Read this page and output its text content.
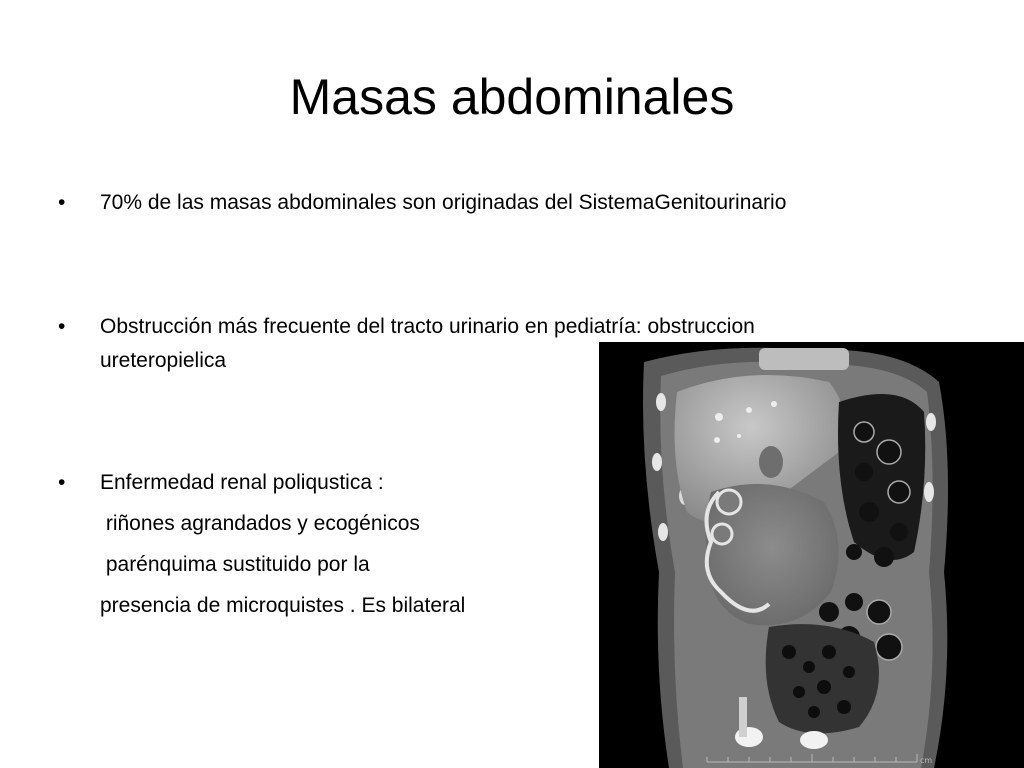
Masas abdominales
•	70% de las masas abdominales son originadas del SistemaGenitourinario
•	Obstrucción más frecuente del tracto urinario en pediatría: obstruccion
ureteropielica
•	Enfermedad renal poliqustica :
riñones agrandados y ecogénicos
parénquima sustituido por la
presencia de microquistes . Es bilateral
cm
